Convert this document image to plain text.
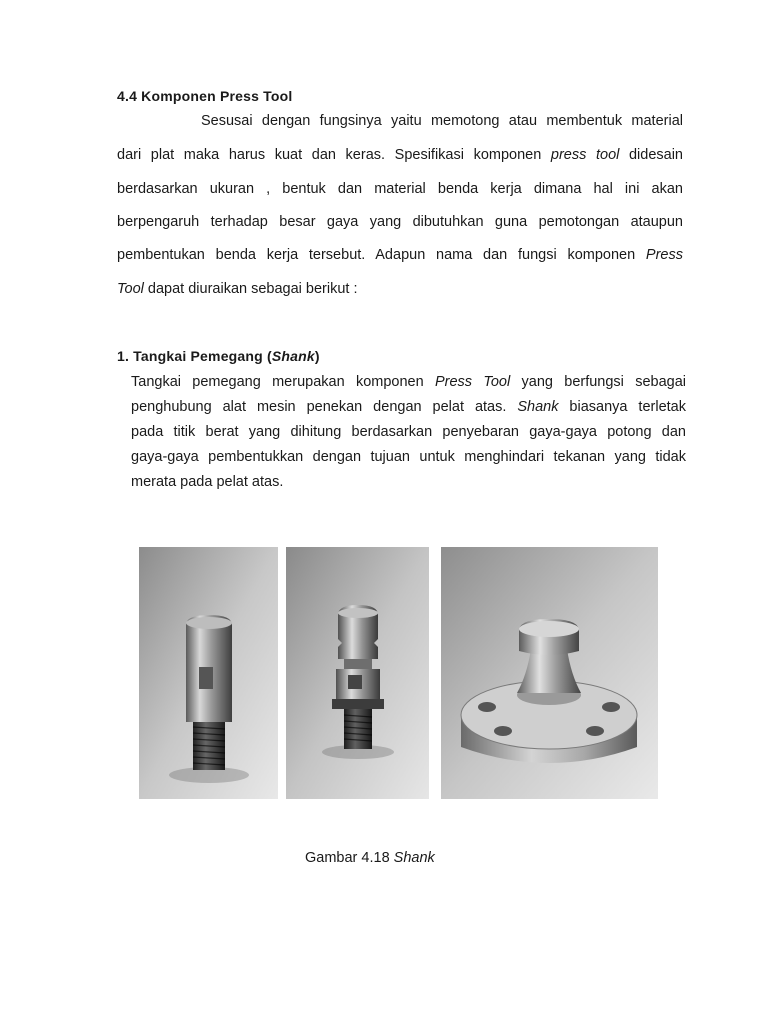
4.4 Komponen Press Tool
Sesusai dengan fungsinya yaitu memotong atau membentuk material
dari plat maka harus kuat dan keras. Spesifikasi komponen press tool didesain
berdasarkan ukuran , bentuk dan material benda kerja dimana hal ini akan
berpengaruh terhadap besar gaya yang dibutuhkan guna pemotongan ataupun
pembentukan benda kerja tersebut. Adapun nama dan fungsi komponen Press
Tool dapat diuraikan sebagai berikut :
1. Tangkai Pemegang (Shank)
Tangkai pemegang merupakan komponen Press Tool yang berfungsi sebagai
penghubung alat mesin penekan dengan pelat atas. Shank biasanya terletak
pada titik berat yang dihitung berdasarkan penyebaran gaya-gaya potong dan
gaya-gaya pembentukkan dengan tujuan untuk menghindari tekanan yang tidak
merata pada pelat atas.
Gambar 4.18 Shank
